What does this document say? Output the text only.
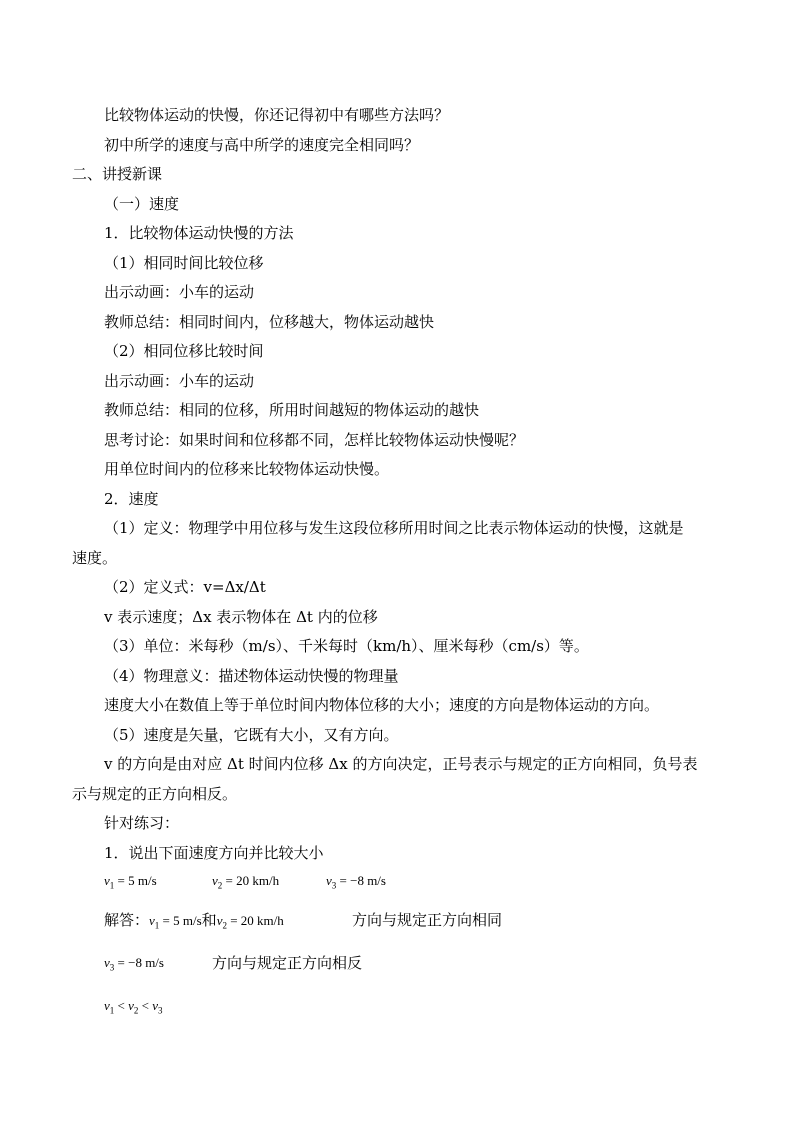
比较物体运动的快慢，你还记得初中有哪些方法吗？
初中所学的速度与高中所学的速度完全相同吗？
二、讲授新课
（一）速度
1．比较物体运动快慢的方法
（1）相同时间比较位移
出示动画：小车的运动
教师总结：相同时间内，位移越大，物体运动越快
（2）相同位移比较时间
出示动画：小车的运动
教师总结：相同的位移，所用时间越短的物体运动的越快
思考讨论：如果时间和位移都不同，怎样比较物体运动快慢呢？
用单位时间内的位移来比较物体运动快慢。
2．速度
（1）定义：物理学中用位移与发生这段位移所用时间之比表示物体运动的快慢，这就是
速度。
（2）定义式：v=Δx/Δt
v 表示速度；Δx 表示物体在 Δt 内的位移
（3）单位：米每秒（m/s）、千米每时（km/h）、厘米每秒（cm/s）等。
（4）物理意义：描述物体运动快慢的物理量
速度大小在数值上等于单位时间内物体位移的大小；速度的方向是物体运动的方向。
（5）速度是矢量，它既有大小，又有方向。
v 的方向是由对应 Δt 时间内位移 Δx 的方向决定，正号表示与规定的正方向相同，负号表
示与规定的正方向相反。
针对练习：
1．说出下面速度方向并比较大小
$v_1 = 5$ m/s	$v_2 = 20$ km/h	$v_3 = -8$ m/s
解答：$v_1 = 5$ m/s和$v_2 = 20$ km/h	方向与规定正方向相同
$v_3 = -8$ m/s	方向与规定正方向相反
$v_1 < v_2 < v_3$
